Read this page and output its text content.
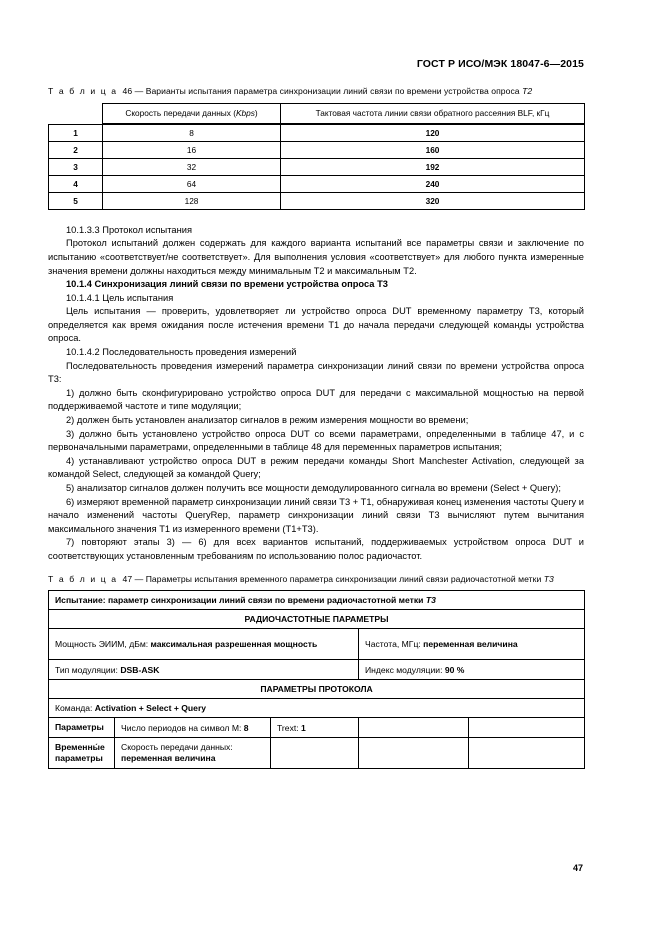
ГОСТ Р ИСО/МЭК 18047-6—2015

Т а б л и ц а 46 — Варианты испытания параметра синхронизации линий связи по времени устройства опроса T2

	Скорость передачи данных (Kbps)	Тактовая частота линии связи обратного рассеяния BLF, кГц
1	8	120
2	16	160
3	32	192
4	64	240
5	128	320

10.1.3.3 Протокол испытания

Протокол испытаний должен содержать для каждого варианта испытаний все параметры связи и заключение по испытанию «соответствует/не соответствует». Для выполнения условия «соответствует» для любого пункта измеренные значения времени должны находиться между минимальным T2 и максимальным T2.

10.1.4 Синхронизация линий связи по времени устройства опроса T3

10.1.4.1 Цель испытания

Цель испытания — проверить, удовлетворяет ли устройство опроса DUT временному параметру T3, который определяется как время ожидания после истечения времени T1 до начала передачи следующей команды устройства опроса.

10.1.4.2 Последовательность проведения измерений

Последовательность проведения измерений параметра синхронизации линий связи по времени устройства опроса T3:

1) должно быть сконфигурировано устройство опроса DUT для передачи с максимальной мощностью на первой поддерживаемой частоте и типе модуляции;

2) должен быть установлен анализатор сигналов в режим измерения мощности во времени;

3) должно быть установлено устройство опроса DUT со всеми параметрами, определенными в таблице 47, и с первоначальными параметрами, определенными в таблице 48 для переменных параметров испытания;

4) устанавливают устройство опроса DUT в режим передачи команды Short Manchester Activation, следующей за командой Select, следующей за командой Query;

5) анализатор сигналов должен получить все мощности демодулированного сигнала во времени (Select + Query);

6) измеряют временной параметр синхронизации линий связи T3 + T1, обнаруживая конец изменения частоты Query и начало изменений частоты QueryRep, параметр синхронизации линий связи T3 вычисляют путем вычитания максимального значения T1 из измеренного времени (T1+T3).

7) повторяют этапы 3) — 6) для всех вариантов испытаний, поддерживаемых устройством опроса DUT и соответствующих установленным требованиям по использованию полос радиочастот.

Т а б л и ц а 47 — Параметры испытания временного параметра синхронизации линий связи радиочастотной метки T3

Испытание: параметр синхронизации линий связи по времени радиочастотной метки T3				
РАДИОЧАСТОТНЫЕ ПАРАМЕТРЫ				
Мощность ЭИИМ, дБм: максимальная разрешенная мощность			Частота, МГц: переменная величина	
Тип модуляции: DSB-ASK			Индекс модуляции: 90 %	
ПАРАМЕТРЫ ПРОТОКОЛА				
Команда: Activation + Select + Query				
Параметры	Число периодов на символ M: 8	Trext: 1		
Временны́е
параметры	Скорость передачи данных:
переменная величина			
47
